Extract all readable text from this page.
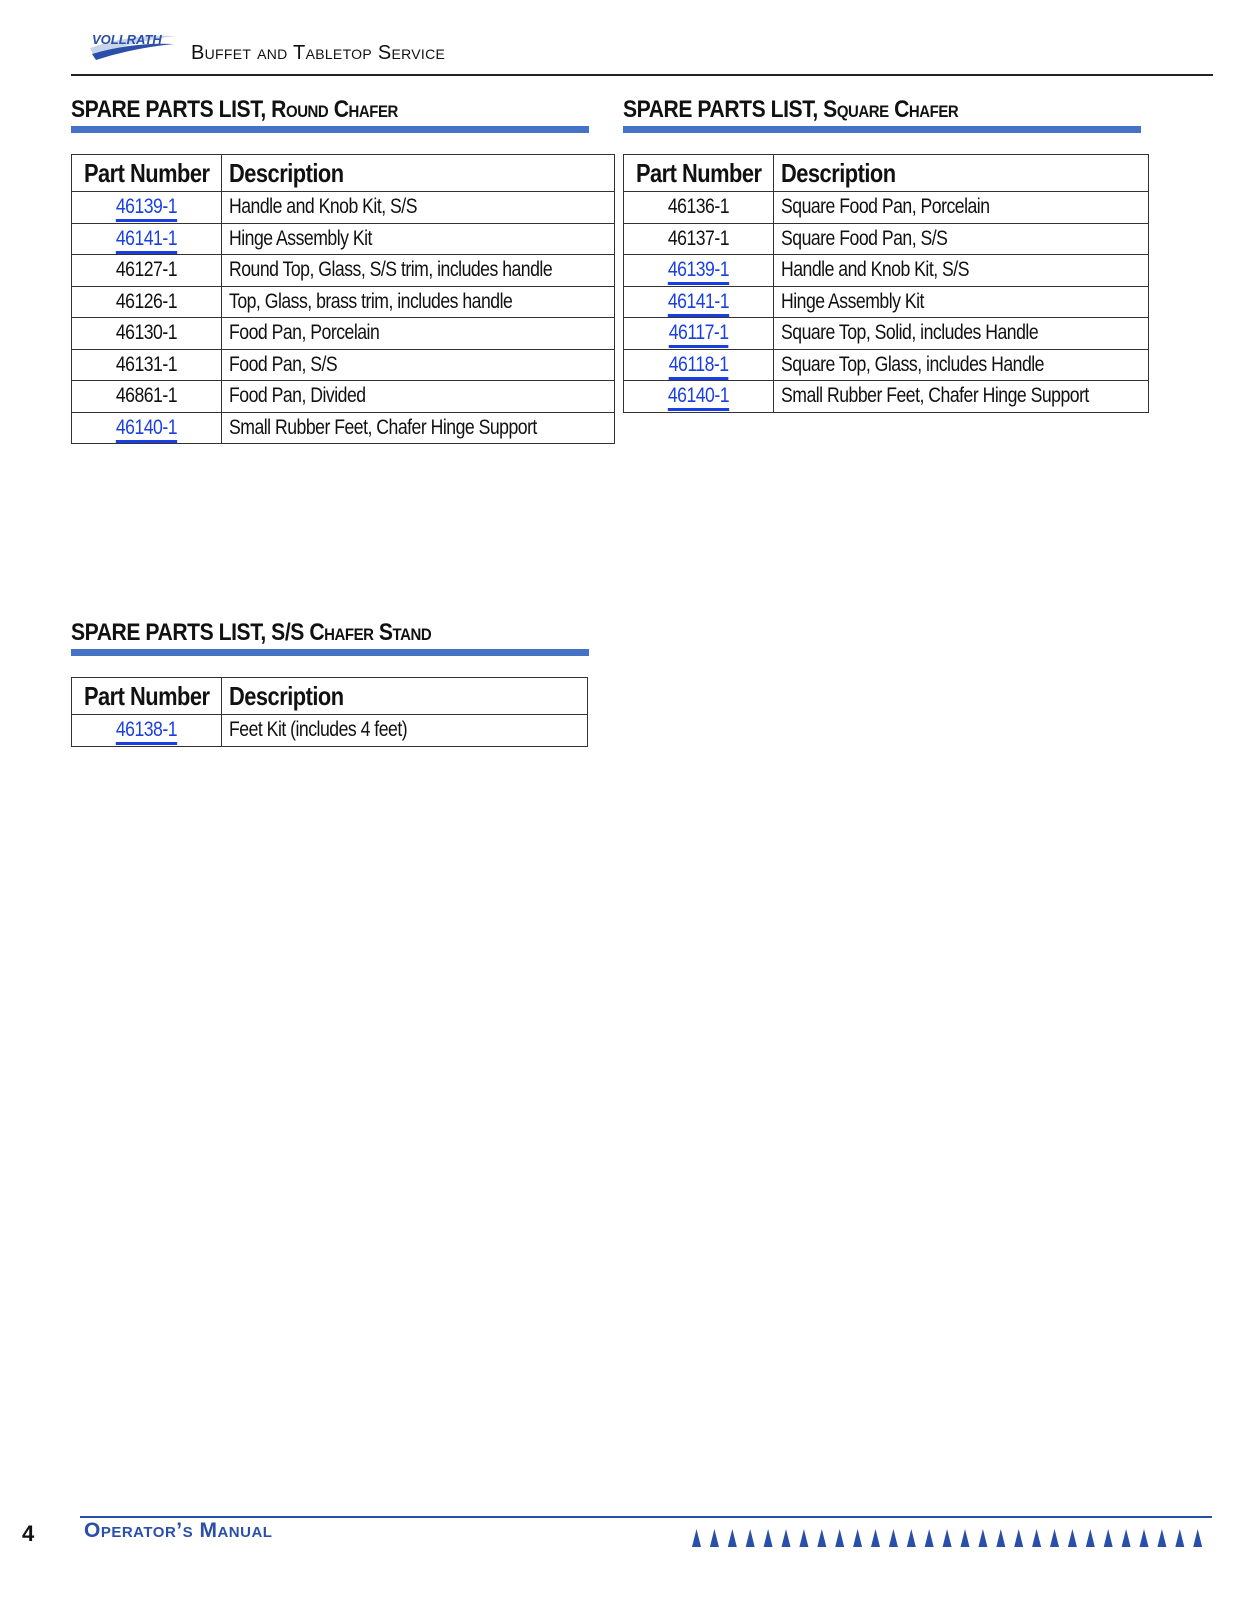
VOLLRATH
Buffet and Tabletop Service
SPARE PARTS LIST, Round Chafer
Part Number	Description
46139-1	Handle and Knob Kit, S/S
46141-1	Hinge Assembly Kit
46127-1	Round Top, Glass, S/S trim, includes handle
46126-1	Top, Glass, brass trim, includes handle
46130-1	Food Pan, Porcelain
46131-1	Food Pan, S/S
46861-1	Food Pan, Divided
46140-1	Small Rubber Feet, Chafer Hinge Support
SPARE PARTS LIST, Square Chafer
Part Number	Description
46136-1	Square Food Pan, Porcelain
46137-1	Square Food Pan, S/S
46139-1	Handle and Knob Kit, S/S
46141-1	Hinge Assembly Kit
46117-1	Square Top, Solid, includes Handle
46118-1	Square Top, Glass, includes Handle
46140-1	Small Rubber Feet, Chafer Hinge Support
SPARE PARTS LIST, S/S Chafer Stand
Part Number	Description
46138-1	Feet Kit (includes 4 feet)
4 Operator’s Manual
